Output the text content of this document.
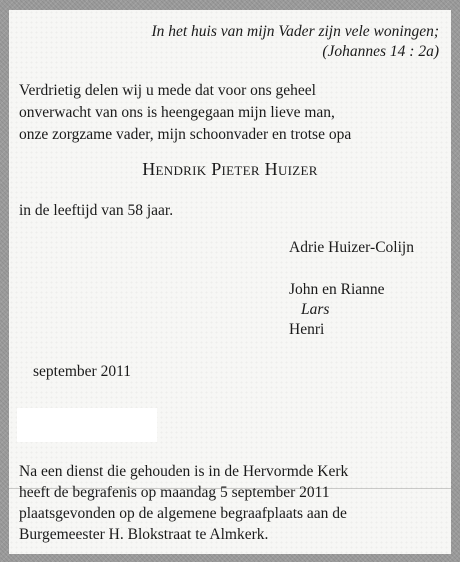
In het huis van mijn Vader zijn vele woningen;
(Johannes 14 : 2a)
Verdrietig delen wij u mede dat voor ons geheel
onverwacht van ons is heengegaan mijn lieve man,
onze zorgzame vader, mijn schoonvader en trotse opa
Hendrik Pieter Huizer
in de leeftijd van 58 jaar.
Adrie Huizer-Colijn
John en Rianne
Lars
Henri
september 2011
Na een dienst die gehouden is in de Hervormde Kerk
heeft de begrafenis op maandag 5 september 2011
plaatsgevonden op de algemene begraafplaats aan de
Burgemeester H. Blokstraat te Almkerk.
